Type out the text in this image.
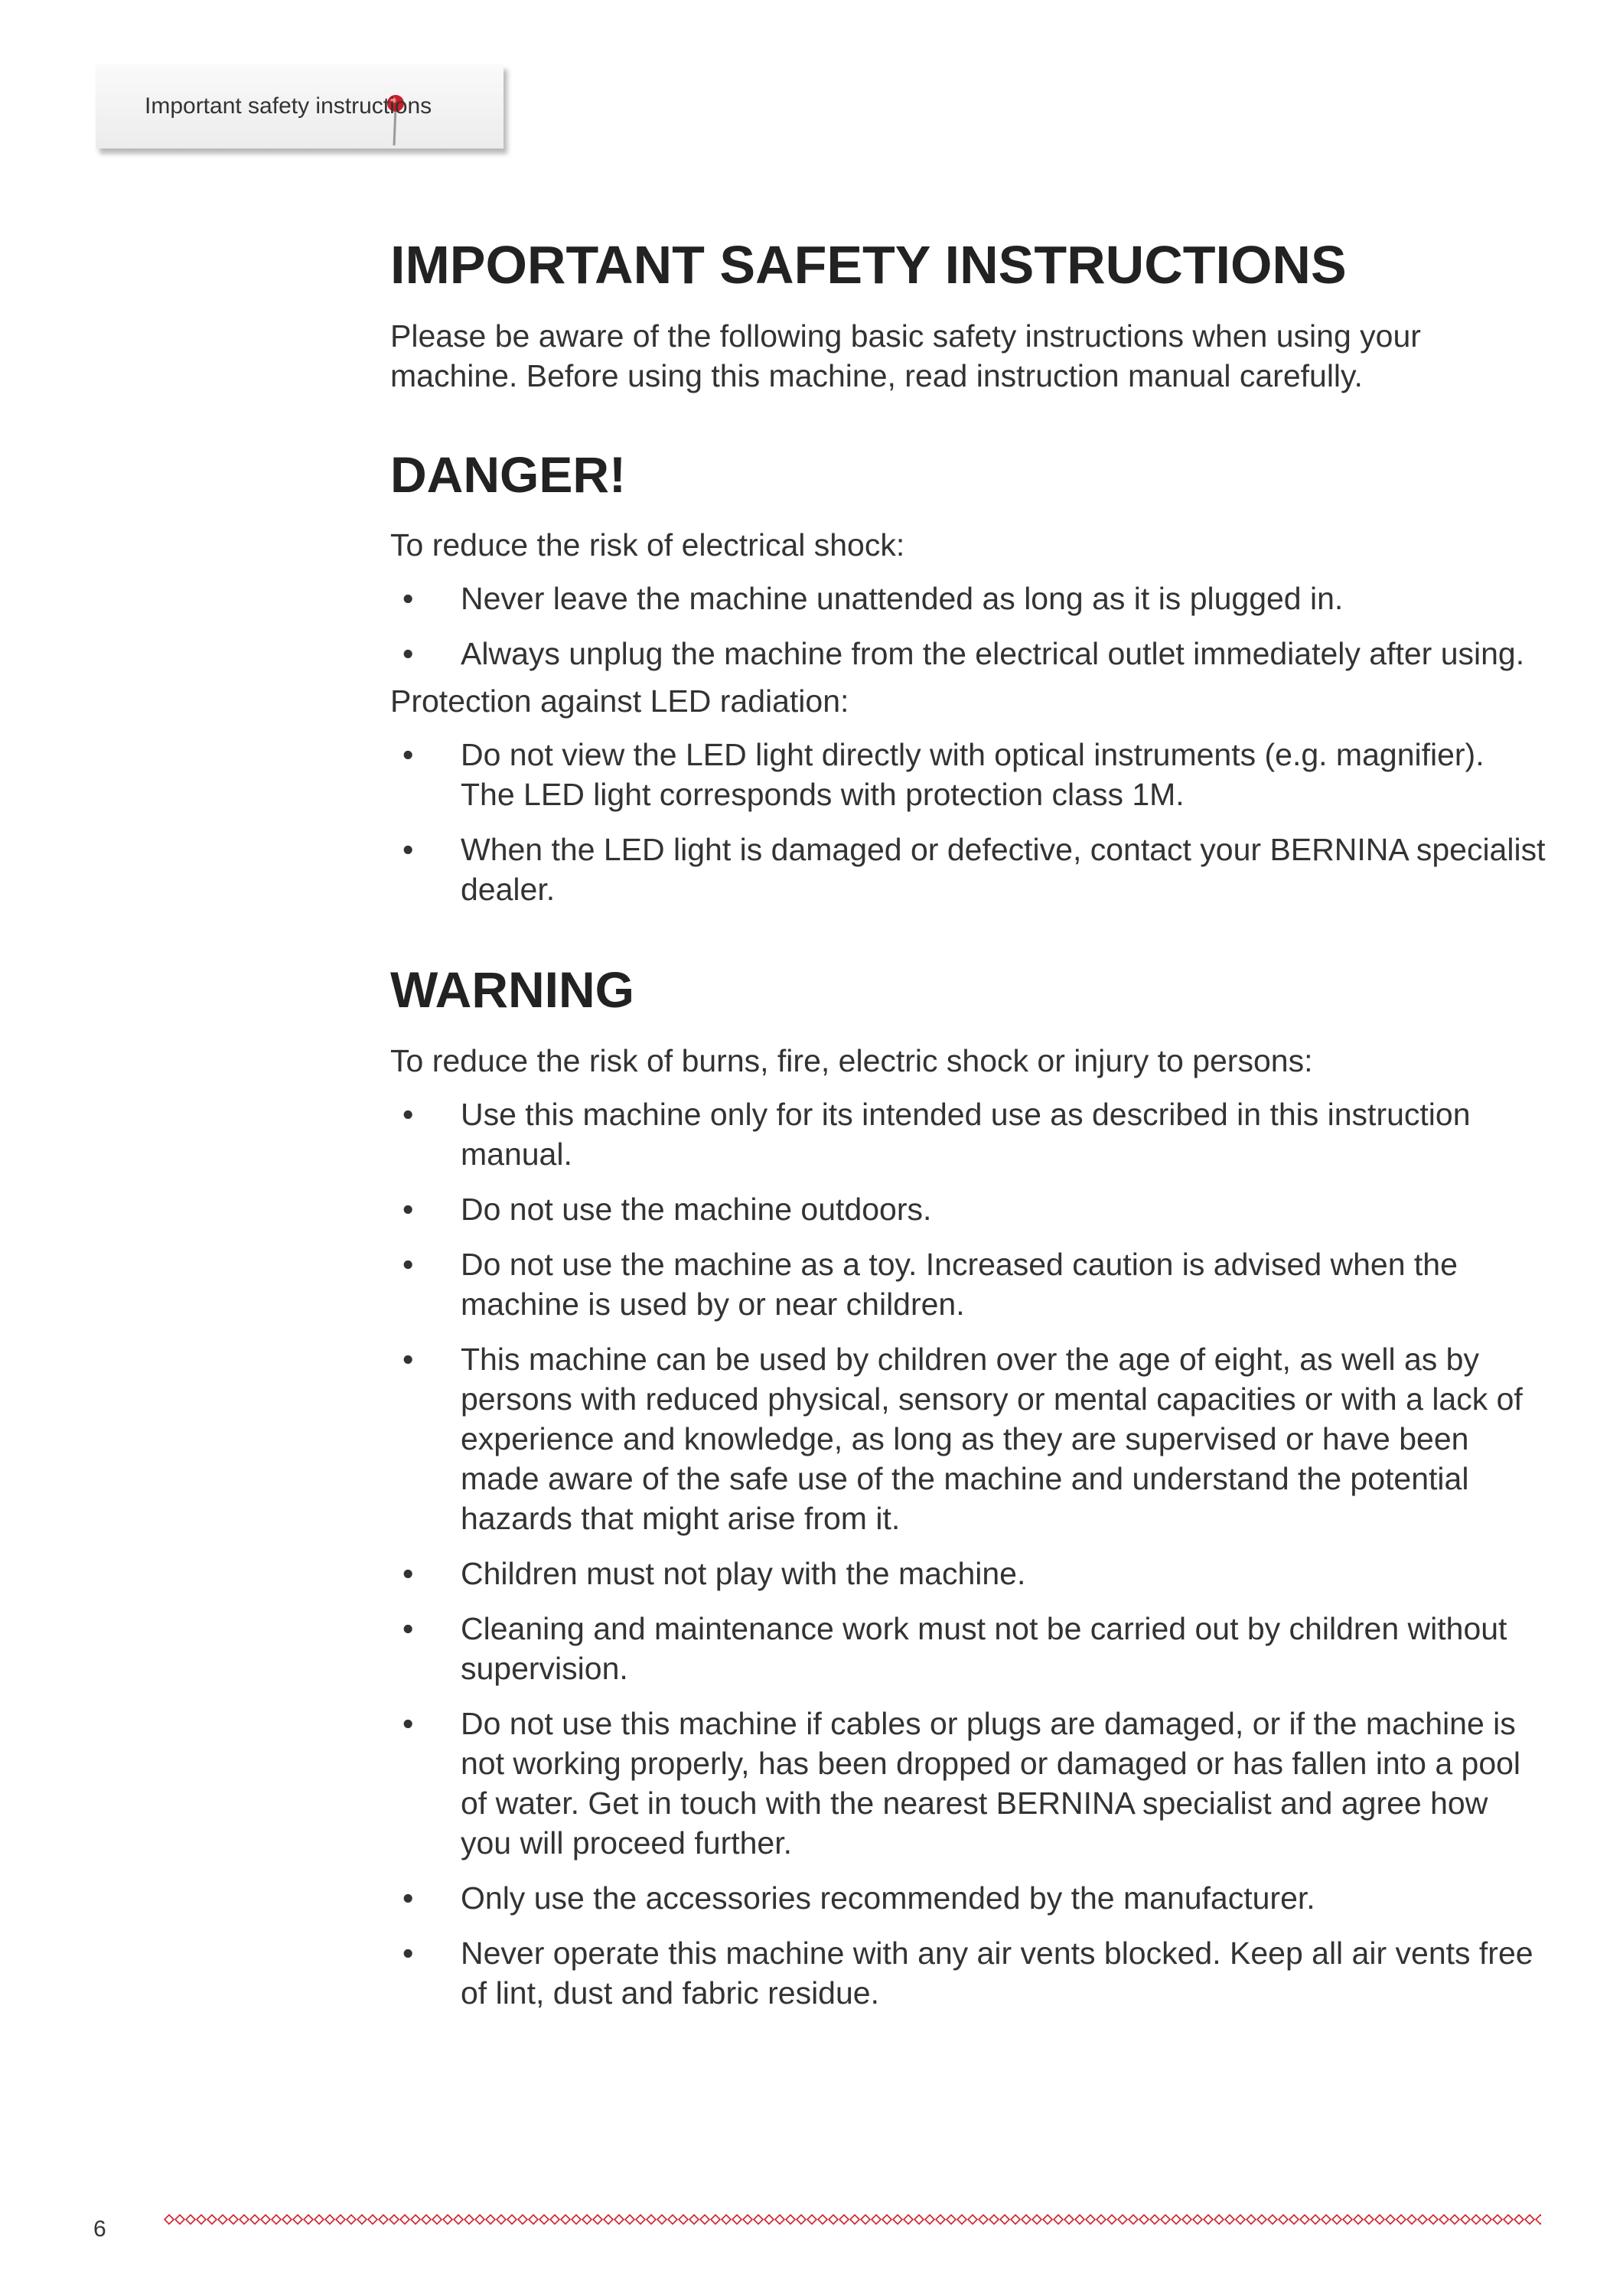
Important safety instructions
IMPORTANT SAFETY INSTRUCTIONS

Please be aware of the following basic safety instructions when using your machine. Before using this machine, read instruction manual carefully.

DANGER!

To reduce the risk of electrical shock:

• Never leave the machine unattended as long as it is plugged in.
• Always unplug the machine from the electrical outlet immediately after using.

Protection against LED radiation:

• Do not view the LED light directly with optical instruments (e.g. magnifier). The LED light corresponds with protection class 1M.
• When the LED light is damaged or defective, contact your BERNINA specialist dealer.
WARNING

To reduce the risk of burns, fire, electric shock or injury to persons:

• Use this machine only for its intended use as described in this instruction manual.
• Do not use the machine outdoors.
• Do not use the machine as a toy. Increased caution is advised when the machine is used by or near children.
• This machine can be used by children over the age of eight, as well as by persons with reduced physical, sensory or mental capacities or with a lack of experience and knowledge, as long as they are supervised or have been made aware of the safe use of the machine and understand the potential hazards that might arise from it.
• Children must not play with the machine.
• Cleaning and maintenance work must not be carried out by children without supervision.
• Do not use this machine if cables or plugs are damaged, or if the machine is not working properly, has been dropped or damaged or has fallen into a pool of water. Get in touch with the nearest BERNINA specialist and agree how you will proceed further.
• Only use the accessories recommended by the manufacturer.
• Never operate this machine with any air vents blocked. Keep all air vents free of lint, dust and fabric residue.
6
